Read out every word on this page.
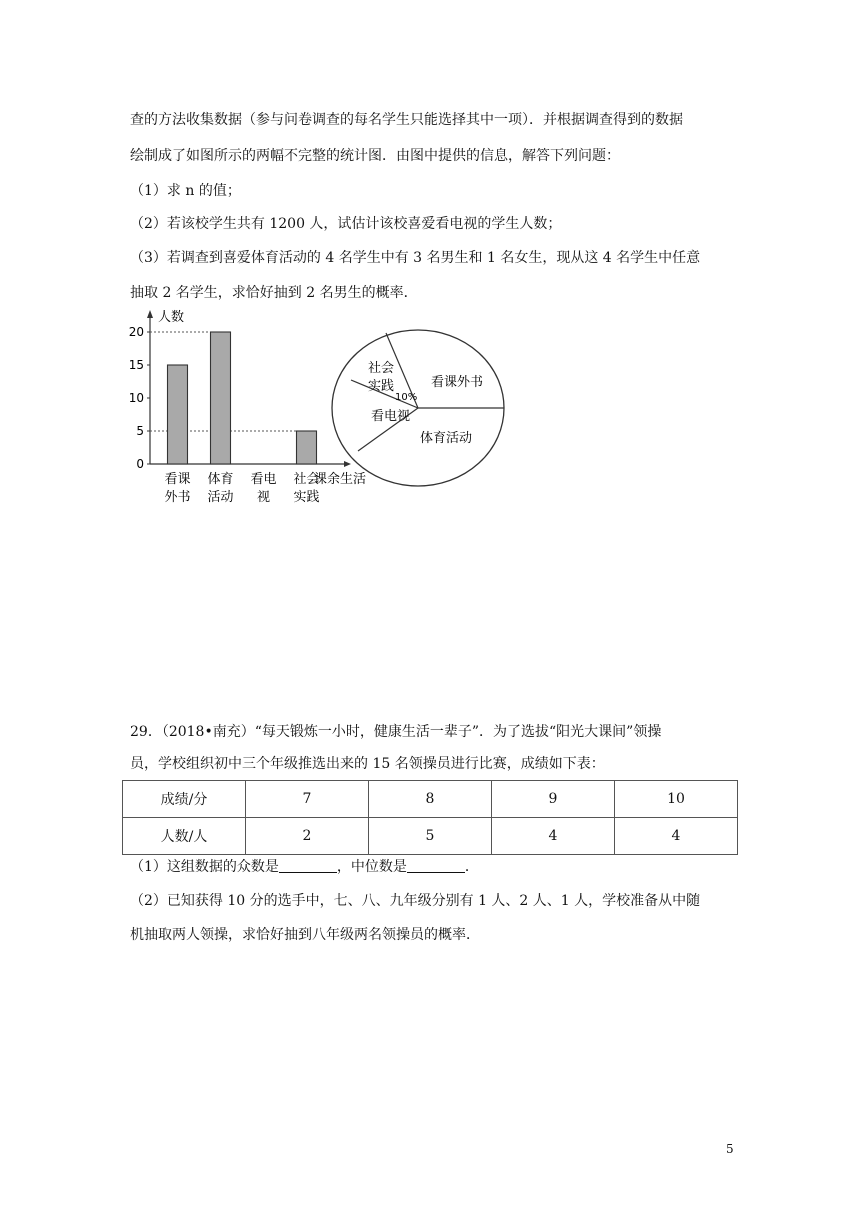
查的方法收集数据（参与问卷调查的每名学生只能选择其中一项）．并根据调查得到的数据
绘制成了如图所示的两幅不完整的统计图．由图中提供的信息，解答下列问题：
（1）求 n 的值；
（2）若该校学生共有 1200 人，试估计该校喜爱看电视的学生人数；
（3）若调查到喜爱体育活动的 4 名学生中有 3 名男生和 1 名女生，现从这 4 名学生中任意
抽取 2 名学生，求恰好抽到 2 名男生的概率．
人数
课余生活
0
5
10
15
20
看课
外书
体育
活动
看电
视
社会
实践
社会
实践
10%
看课外书
看电视
体育活动
29．（2018•南充）“每天锻炼一小时，健康生活一辈子”．为了选拔“阳光大课间”领操
员，学校组织初中三个年级推选出来的 15 名领操员进行比赛，成绩如下表：
成绩/分	7	8	9	10
人数/人	2	5	4	4
（1）这组数据的众数是	，中位数是	．
（2）已知获得 10 分的选手中，七、八、九年级分别有 1 人、2 人、1 人，学校准备从中随
机抽取两人领操，求恰好抽到八年级两名领操员的概率．
5
